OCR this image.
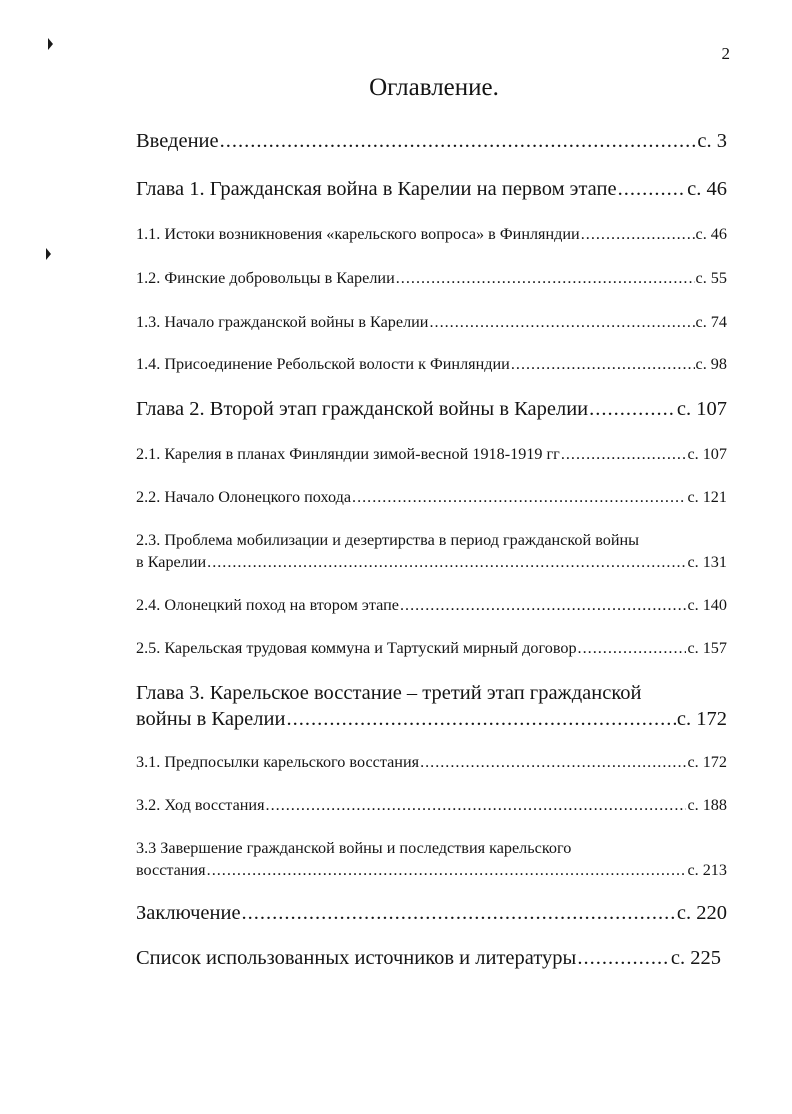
2
Оглавление.
Введение .....	с. 3
Глава 1. Гражданская война в Карелии на первом этапе .....	с. 46
1.1. Истоки возникновения «карельского вопроса» в Финляндии .....	с. 46
1.2. Финские добровольцы в Карелии .....	с. 55
1.3. Начало гражданской войны в Карелии .....	с. 74
1.4. Присоединение Ребольской волости к Финляндии .....	с. 98
Глава 2. Второй этап гражданской войны в Карелии .....	с. 107
2.1. Карелия в планах Финляндии зимой-весной 1918-1919 гг .....	с. 107
2.2. Начало Олонецкого похода .....	с. 121
2.3. Проблема мобилизации и дезертирства в период гражданской войны
в Карелии .....	с. 131
2.4. Олонецкий поход на втором этапе .....	с. 140
2.5. Карельская трудовая коммуна и Тартуский мирный договор .....	с. 157
Глава 3. Карельское восстание – третий этап гражданской
войны в Карелии .....	с. 172
3.1. Предпосылки карельского восстания .....	с. 172
3.2. Ход восстания .....	с. 188
3.3 Завершение гражданской войны и последствия карельского
восстания .....	с. 213
Заключение .....	с. 220
Список использованных источников и литературы .....	с. 225
